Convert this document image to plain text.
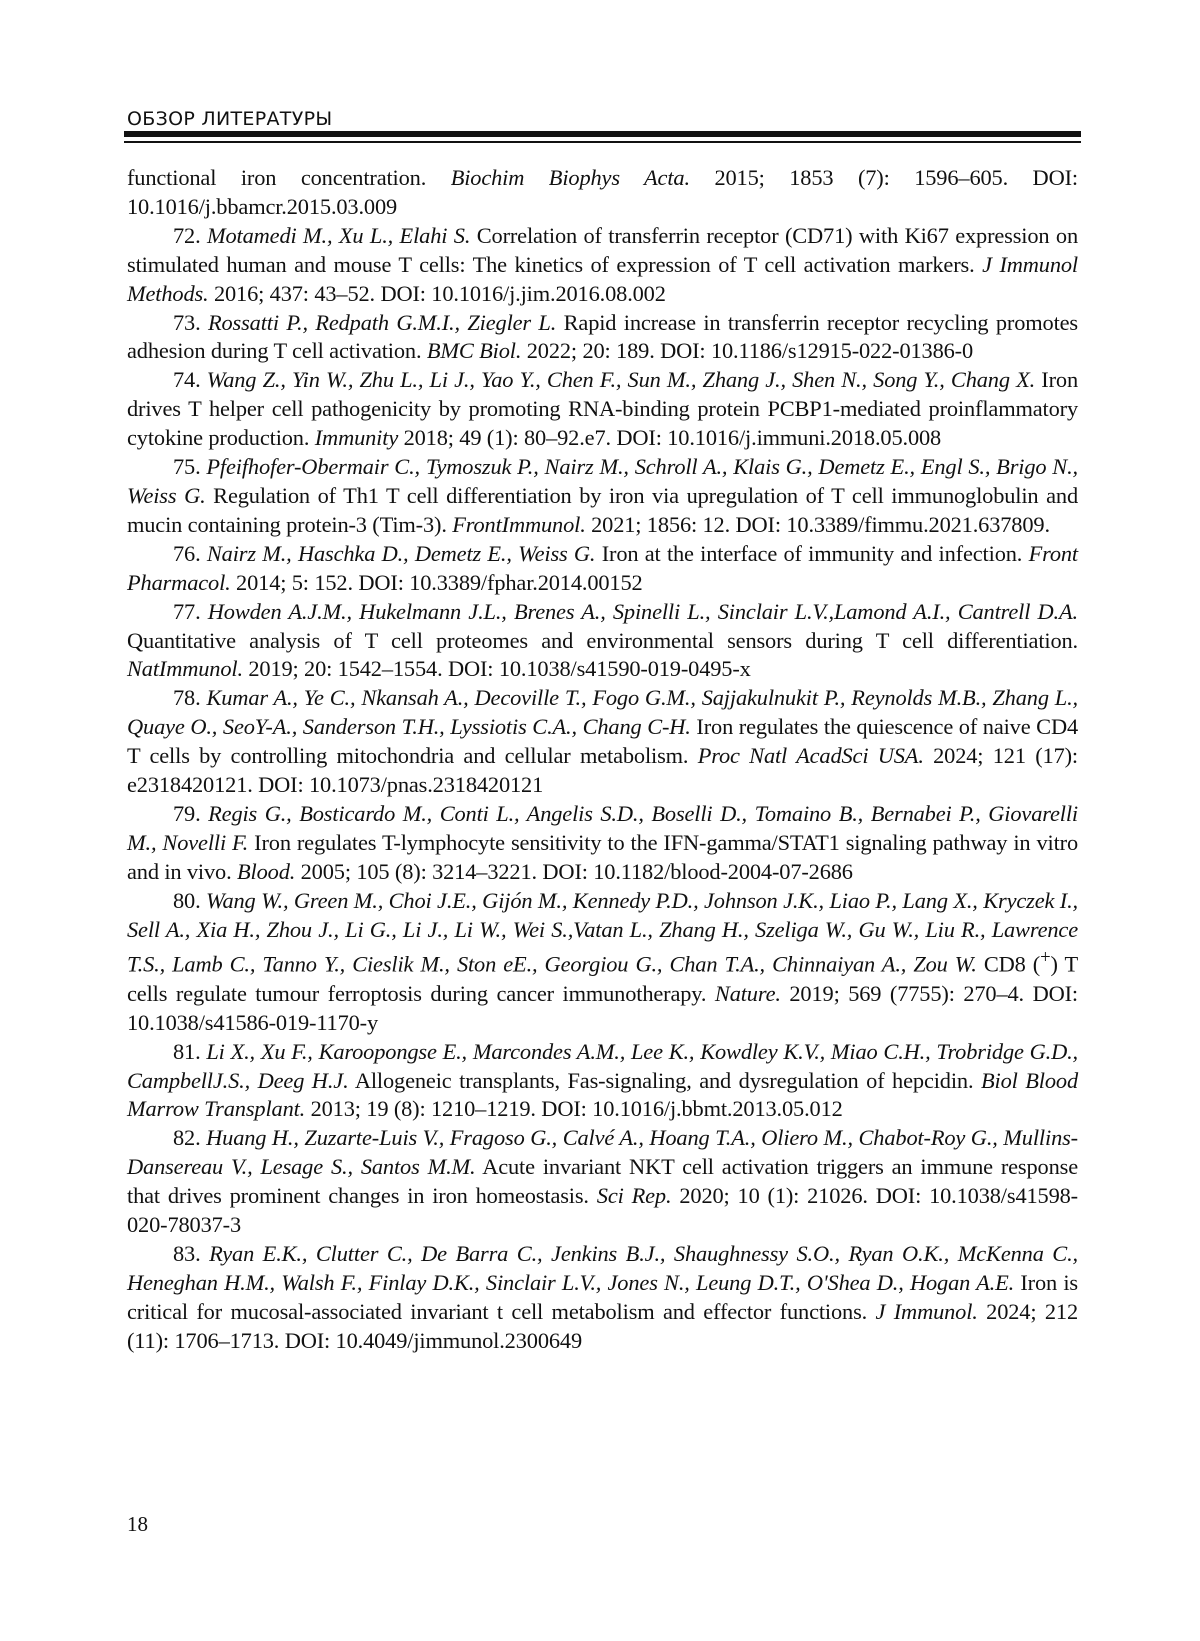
ОБЗОР ЛИТЕРАТУРЫ

functional iron concentration. Biochim Biophys Acta. 2015; 1853 (7): 1596–605. DOI: 10.1016/j.bbamcr.2015.03.009

72. Motamedi M., Xu L., Elahi S. Correlation of transferrin receptor (CD71) with Ki67 expression on stimulated human and mouse T cells: The kinetics of expression of T cell activation markers. J Immunol Methods. 2016; 437: 43–52. DOI: 10.1016/j.jim.2016.08.002

73. Rossatti P., Redpath G.M.I., Ziegler L. Rapid increase in transferrin receptor recycling promotes adhesion during T cell activation. BMC Biol. 2022; 20: 189. DOI: 10.1186/s12915-022-01386-0

74. Wang Z., Yin W., Zhu L., Li J., Yao Y., Chen F., Sun M., Zhang J., Shen N., Song Y., Chang X. Iron drives T helper cell pathogenicity by promoting RNA-binding protein PCBP1-mediated proinflammatory cytokine production. Immunity 2018; 49 (1): 80–92.e7. DOI: 10.1016/j.immuni.2018.05.008

75. Pfeifhofer-Obermair C., Tymoszuk P., Nairz M., Schroll A., Klais G., Demetz E., Engl S., Brigo N., Weiss G. Regulation of Th1 T cell differentiation by iron via upregulation of T cell immunoglobulin and mucin containing protein-3 (Tim-3). FrontImmunol. 2021; 1856: 12. DOI: 10.3389/fimmu.2021.637809.

76. Nairz M., Haschka D., Demetz E., Weiss G. Iron at the interface of immunity and infection. Front Pharmacol. 2014; 5: 152. DOI: 10.3389/fphar.2014.00152

77. Howden A.J.M., Hukelmann J.L., Brenes A., Spinelli L., Sinclair L.V.,Lamond A.I., Cantrell D.A. Quantitative analysis of T cell proteomes and environmental sensors during T cell differentiation. NatImmunol. 2019; 20: 1542–1554. DOI: 10.1038/s41590-019-0495-x

78. Kumar A., Ye C., Nkansah A., Decoville T., Fogo G.M., Sajjakulnukit P., Reynolds M.B., Zhang L., Quaye O., SeoY-A., Sanderson T.H., Lyssiotis C.A., Chang C-H. Iron regulates the quiescence of naive CD4 T cells by controlling mitochondria and cellular metabolism. Proc Natl AcadSci USA. 2024; 121 (17): e2318420121. DOI: 10.1073/pnas.2318420121

79. Regis G., Bosticardo M., Conti L., Angelis S.D., Boselli D., Tomaino B., Bernabei P., Giovarelli M., Novelli F. Iron regulates T-lymphocyte sensitivity to the IFN-gamma/STAT1 signaling pathway in vitro and in vivo. Blood. 2005; 105 (8): 3214–3221. DOI: 10.1182/blood-2004-07-2686

80. Wang W., Green M., Choi J.E., Gijón M., Kennedy P.D., Johnson J.K., Liao P., Lang X., Kryczek I., Sell A., Xia H., Zhou J., Li G., Li J., Li W., Wei S.,Vatan L., Zhang H., Szeliga W., Gu W., Liu R., Lawrence T.S., Lamb C., Tanno Y., Cieslik M., Ston eE., Georgiou G., Chan T.A., Chinnaiyan A., Zou W. CD8 (+) T cells regulate tumour ferroptosis during cancer immunotherapy. Nature. 2019; 569 (7755): 270–4. DOI: 10.1038/s41586-019-1170-y

81. Li X., Xu F., Karoopongse E., Marcondes A.M., Lee K., Kowdley K.V., Miao C.H., Trobridge G.D., CampbellJ.S., Deeg H.J. Allogeneic transplants, Fas-signaling, and dysregulation of hepcidin. Biol Blood Marrow Transplant. 2013; 19 (8): 1210–1219. DOI: 10.1016/j.bbmt.2013.05.012

82. Huang H., Zuzarte-Luis V., Fragoso G., Calvé A., Hoang T.A., Oliero M., Chabot-Roy G., Mullins-Dansereau V., Lesage S., Santos M.M. Acute invariant NKT cell activation triggers an immune response that drives prominent changes in iron homeostasis. Sci Rep. 2020; 10 (1): 21026. DOI: 10.1038/s41598-020-78037-3

83. Ryan E.K., Clutter C., De Barra C., Jenkins B.J., Shaughnessy S.O., Ryan O.K., McKenna C., Heneghan H.M., Walsh F., Finlay D.K., Sinclair L.V., Jones N., Leung D.T., O'Shea D., Hogan A.E. Iron is critical for mucosal-associated invariant t cell metabolism and effector functions. J Immunol. 2024; 212 (11): 1706–1713. DOI: 10.4049/jimmunol.2300649

18
